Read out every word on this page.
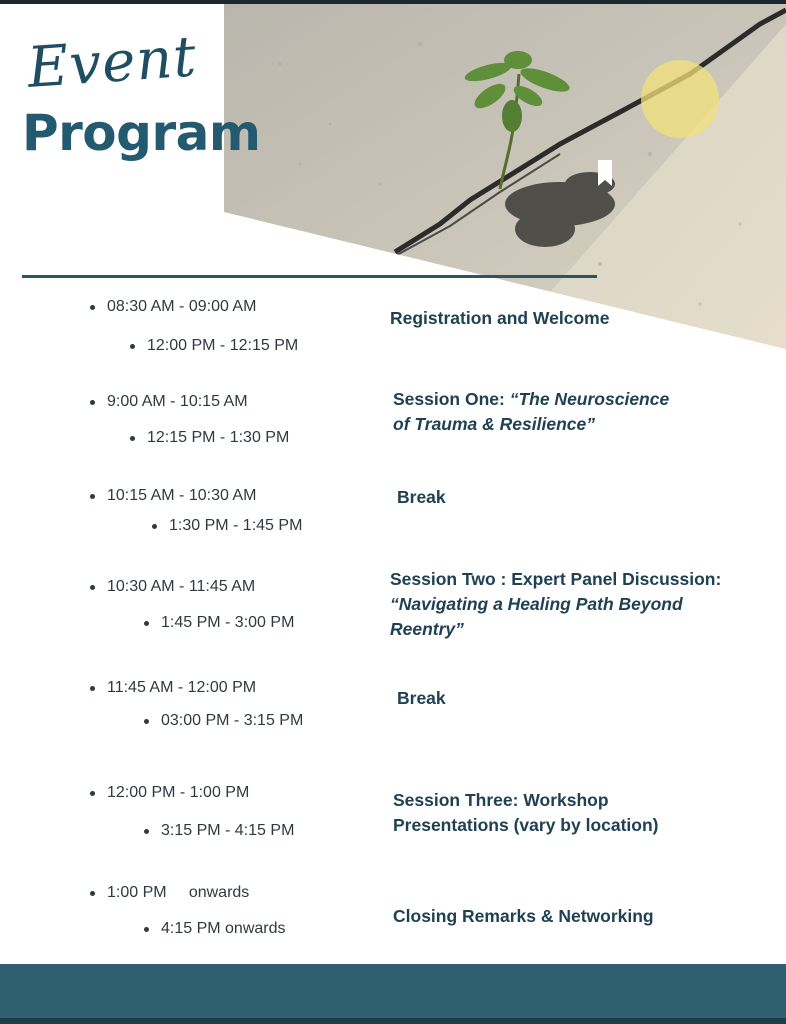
Event
Program
08:30 AM - 09:00 AM
12:00 PM - 12:15 PM
Registration and Welcome
9:00 AM - 10:15 AM
12:15 PM - 1:30 PM
Session One: “The Neuroscience
of Trauma & Resilience”
10:15 AM - 10:30 AM
1:30 PM - 1:45 PM
Break
10:30 AM - 11:45 AM
1:45 PM - 3:00 PM
Session Two : Expert Panel Discussion:
“Navigating a Healing Path Beyond
Reentry”
11:45 AM - 12:00 PM
03:00 PM - 3:15 PM
Break
12:00 PM - 1:00 PM
3:15 PM - 4:15 PM
Session Three: Workshop
Presentations (vary by location)
1:00 PM     onwards
4:15 PM onwards
Closing Remarks & Networking
